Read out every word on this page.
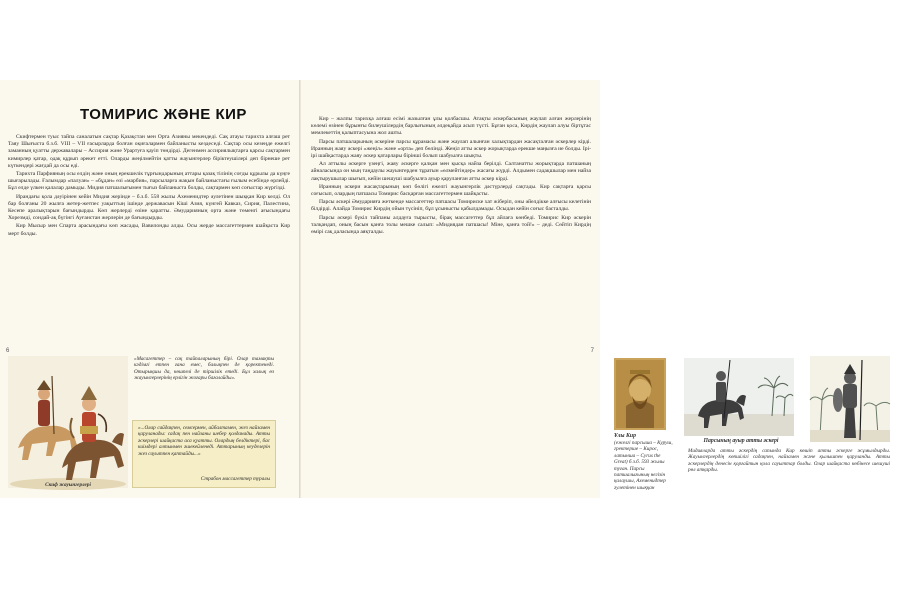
ТОМИРИС ЖӘНЕ КИР

Скифтермен туыс тайпа саналатын сақтар Қазақстан мен Орта Азияны мекендеді. Сақ атауы тарихта алғаш рет Таяу Шығыста б.з.б. VIII – VII ғасырларда болған оқиғалармен байланысты кездеседі. Сақтар осы кезеңде ежелгі заманның қуатты державалары – Ассирия және Урартуға қауіп төндірді. Дегенмен ассириялықтарға қарсы сақтармен кимирлер қатар, одақ құрып әрекет етті. Оларды жеңілмейтін қатты жауынгерлер біріктеушілері деп бірнеше рет күткендері жағдай да осы еді.

Тарихта Парфияның осы елдің және оның ерекшелік тұрғындарының аттары қазақ тілінің соғды құрылы да күңге шығарылады. Ғалымдар «палуан» – «бұдан» өзі «марбия», парсыларға жақын байланыстағы ғылым есебінде өрлейді. Бұл елде үлкен қалалар дамыды. Мидия патшалығымен тығыз байланыста болды, сақтармен көп соғыстар жүргізді.

Ирандағы қола дәуірінен кейін Мидия жерінде – б.з.б. 558 жылы Ахеменидтер әулетінен шыққан Кир келді. Ол бар болғаны 20 жылға жетер-жетпес уақыттың ішінде державасын Кіші Азия, күнгей Кавказ, Сирия, Палестина, Кесепе аралықтарын бағындырды. Көп жерлерді өзіне қаратты. Әмударияның орта және төменгі ағысындағы Хорезмді, сондай-ақ бүгінгі Ауғанстан жерлерін де бағындырды.

Кир Мысыр мен Спарта арасындағы көп жасады, Вавилонды алды. Осы жерде массагеттермен шайқаста Кир мерт болды.

6
Скиф жауынгерлері

«Масагеттер – сақ тайпаларының бірі. Олар тамақты кәдімгі етпен ғана емес, балықпен де қоректенеді. Отырықшы да, көшпелі де тіршілік етеді. Бұл халық өз жауынгерлерінің ерлігін жоғары бағалайды».

«...Олар сайдақпен, семсермен, айбалтамен, жез найзамен қаруланады: садақ пен найзаны шебер қолданады. Атты әскерлері шайқаста аса қуатты. Олардың белдіктері, бас киімдері алтынмен әшекейленеді. Аттарының кеуделерін жез сауытпен қаптайды...»
Страбон массагеттер туралы

Кир – жалпы тарихқа алғаш есімі жазылған ұлы қолбасшы. Атақты әскербасының жаулап алған жерлерінің көлемі өзінен бұрынғы билеушілердің барлығының әлдеқайда асып түсті. Бұған қоса, Кирдің жаулап алуы біртұтас мемлекеттің қалыптасуына жол ашты.

Парсы патшаларының әскеріне парсы құрамасы және жаулап алынған халықтардан жасақталған әскерлер кірді. Иранның жаяу әскері «жеңіл» және «орта» деп бөлінді. Жеңіл атты әскер жорықтарда ерекше маңызға ие болды. Ірі-ірі шайқастарда жаяу әскер қатарлары бірінші болып шабуылға шықты.

Ал аттылы әскерге үзеңгі, жаяу әскерге қалқан мен қысқа найза берілді. Салтанатты жорықтарда патшаның айналасында он мың таңдаулы жауынгерден тұратын «өлмейтіндер» жасағы жүрді. Алдымен садақшылар мен найза лақтырушылар шығып, кейін шешуші шабуылға ауыр қаруланған атты әскер кірді.

Иранның әскери жасақтарының көп бөлігі ежелгі жауынгерлік дәстүрлерді сақтады. Кир сақтарға қарсы соғысып, олардың патшасы Томирис басқарған массагеттермен шайқасты.

Парсы әскері Әмударияға жеткенде массагеттер патшасы Томириске хат жіберіп, оны әйелдікке алғысы келетінін білдірді. Алайда Томирис Кирдің ойын түсініп, бұл ұсынысты қабылдамады. Осыдан кейін соғыс басталды.

Парсы әскері бүкіл тайпаны алдауға тырысты, бірақ массагеттер бұл айлаға көнбеді. Томирис Кир әскерін талқандап, оның басын қанға толы мешке салып: «Мидиядан патшасы! Міне, қанға той!» – деді. Сөйтіп Кирдің өмірі сақ даласында аяқталды.

7
Ұлы Кир
(ежелгі парсыша – Куруш, гректерше – Кирос, латынша – Cyrus the Great) б.з.б. 593 жылы туған. Парсы патшалығының негізін қалаушы, Ахеменидтер әулетінен шыққан
Парсының ауыр атты әскері
Мидияларда атты әскердің сапында Кир көшіп атты әскерге жұмылдырды. Жауынгерлердің көпшілігі садақпен, найзамен және қылышпен қаруланды. Атты әскерлердің денесін қорғайтын қола сауыттар болды. Олар шайқаста көбінесе шешуші рөл атқарды.
